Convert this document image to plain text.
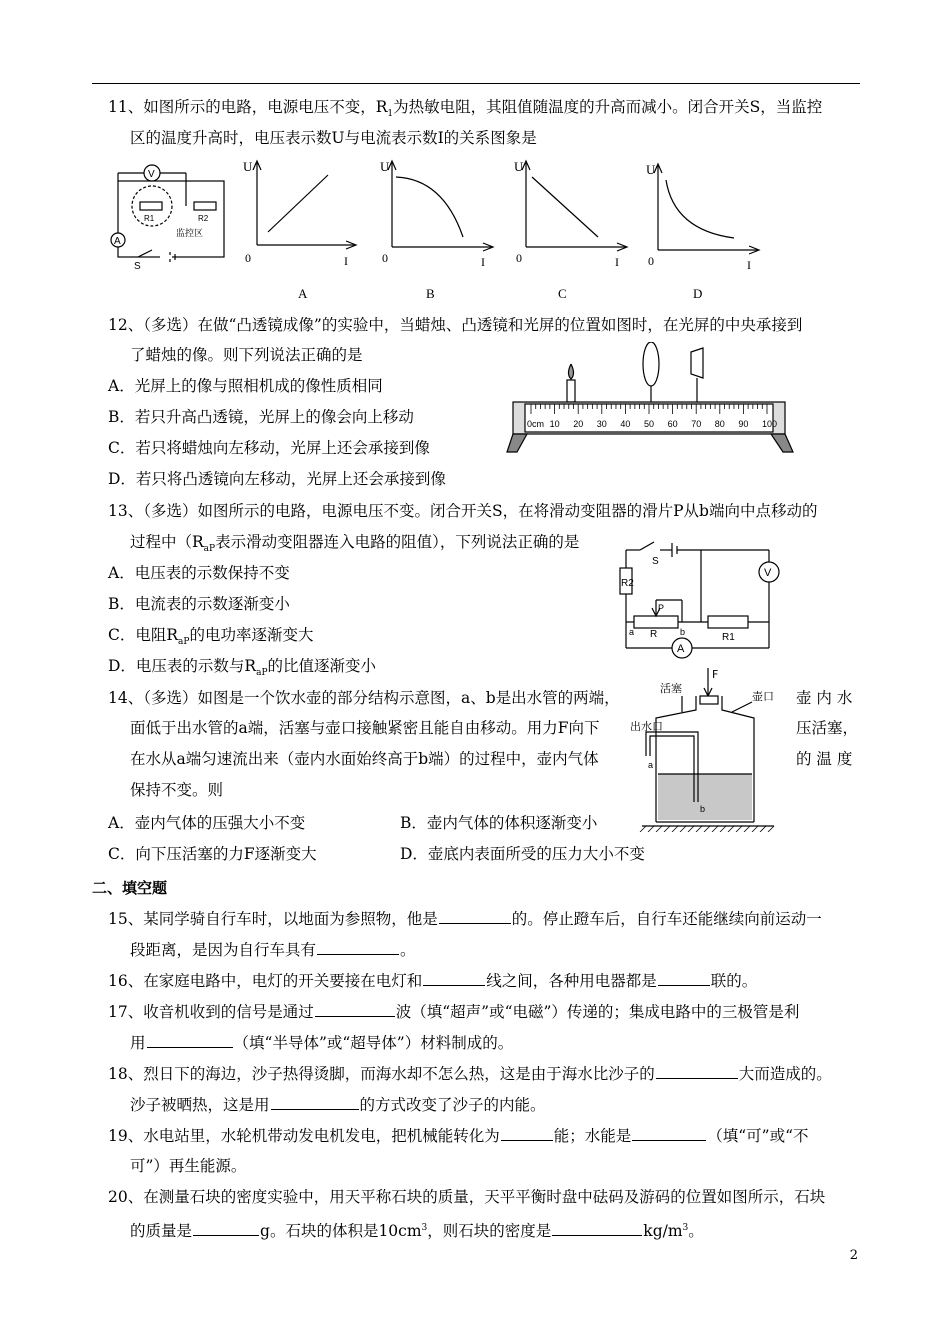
11、如图所示的电路，电源电压不变，$R_1$为热敏电阻，其阻值随温度的升高而减小。闭合开关S，当监控
区的温度升高时，电压表示数U与电流表示数I的关系图象是
V
A
R1	R2
监控区
S
U
0	I
U
0	I
U
0	I
U
0	I
A	B	C	D
12、（多选）在做“凸透镜成像”的实验中，当蜡烛、凸透镜和光屏的位置如图时，在光屏的中央承接到
了蜡烛的像。则下列说法正确的是
A．光屏上的像与照相机成的像性质相同
B．若只升高凸透镜，光屏上的像会向上移动
C．若只将蜡烛向左移动，光屏上还会承接到像
D．若只将凸透镜向左移动，光屏上还会承接到像
0cm 10 20 30 40 50 60 70 80 90 100
13、（多选）如图所示的电路，电源电压不变。闭合开关S，在将滑动变阻器的滑片P从b端向中点移动的
过程中（$R_{aP}$表示滑动变阻器连入电路的阻值），下列说法正确的是
A．电压表的示数保持不变
B．电流表的示数逐渐变小
C．电阻$R_{aP}$的电功率逐渐变大
D．电压表的示数与$R_{aP}$的比值逐渐变小
S
R2
P
a R	b	R1
V
A
14、（多选）如图是一个饮水壶的部分结构示意图，a、b是出水管的两端，	壶 内 水
面低于出水管的a端，活塞与壶口接触紧密且能自由移动。用力F向下	压活塞，
在水从a端匀速流出来（壶内水面始终高于b端）的过程中，壶内气体	的 温 度
保持不变。则
A．壶内气体的压强大小不变	B．壶内气体的体积逐渐变小
C．向下压活塞的力F逐渐变大	D．壶底内表面所受的压力大小不变
活塞
F
壶口
出水口
a
b
二、填空题
15、某同学骑自行车时，以地面为参照物，他是	的。停止蹬车后，自行车还能继续向前运动一
段距离，是因为自行车具有	。
16、在家庭电路中，电灯的开关要接在电灯和	线之间，各种用电器都是	联的。
17、收音机收到的信号是通过	波（填“超声”或“电磁”）传递的；集成电路中的三极管是利
用	（填“半导体”或“超导体”）材料制成的。
18、烈日下的海边，沙子热得烫脚，而海水却不怎么热，这是由于海水比沙子的	大而造成的。
沙子被晒热，这是用	的方式改变了沙子的内能。
19、水电站里，水轮机带动发电机发电，把机械能转化为	能；水能是	（填“可”或“不
可”）再生能源。
20、在测量石块的密度实验中，用天平称石块的质量，天平平衡时盘中砝码及游码的位置如图所示，石块
的质量是	g。石块的体积是$10cm^3$，则石块的密度是	$kg/m^3$。
2
